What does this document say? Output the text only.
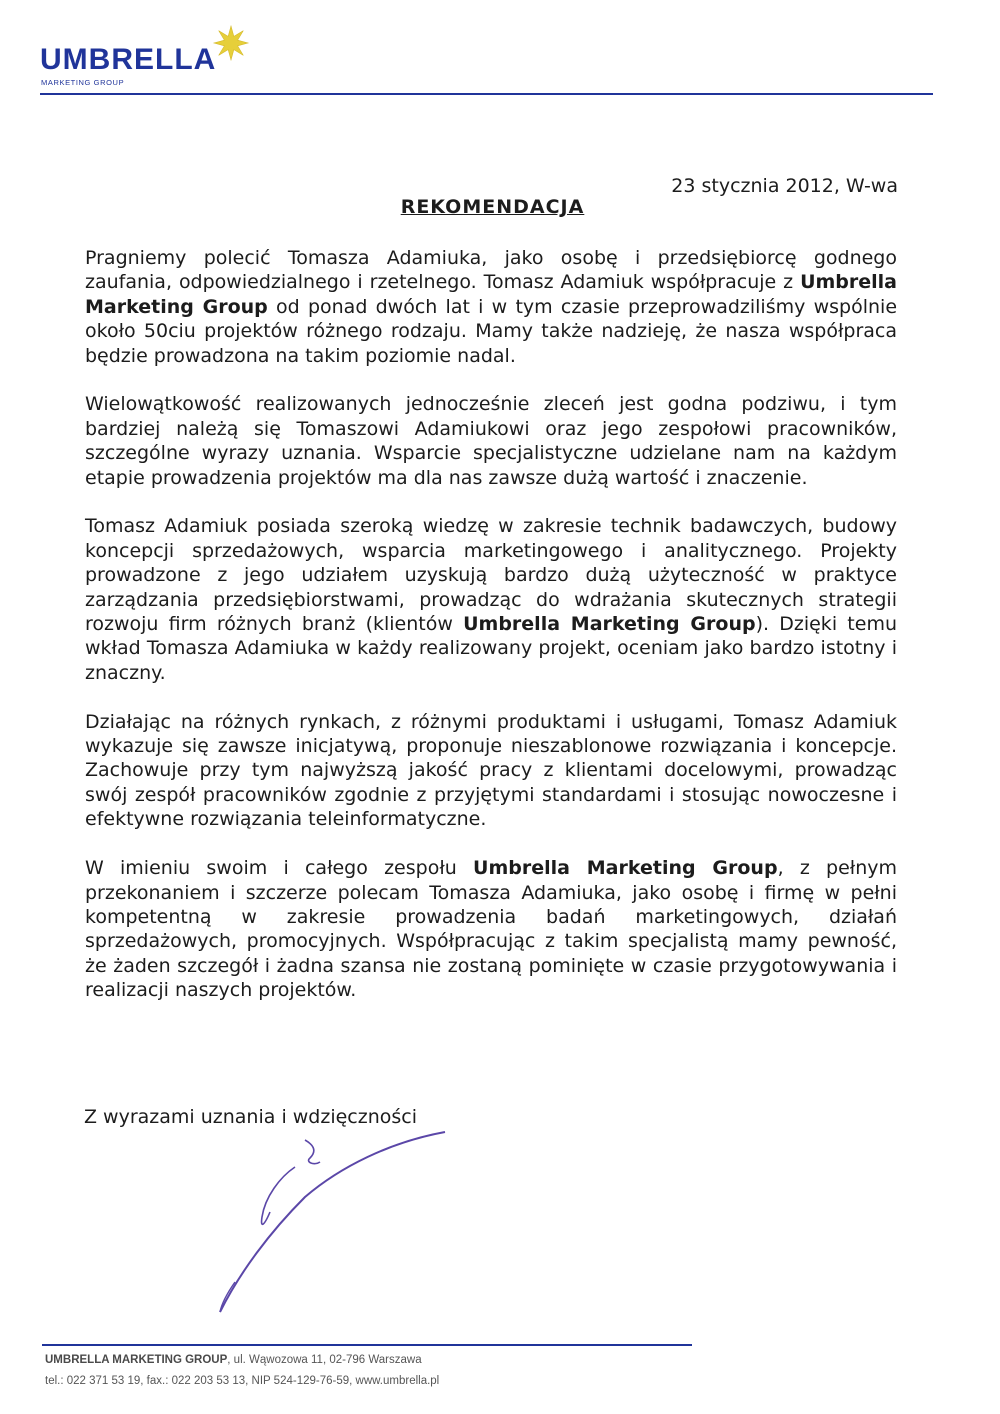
UMBRELLA
MARKETING GROUP
23 stycznia 2012, W-wa
REKOMENDACJA

Pragniemy polecić Tomasza Adamiuka, jako osobę i przedsiębiorcę godnego zaufania, odpowiedzialnego i rzetelnego. Tomasz Adamiuk współpracuje z Umbrella Marketing Group od ponad dwóch lat i w tym czasie przeprowadziliśmy wspólnie około 50ciu projektów różnego rodzaju. Mamy także nadzieję, że nasza współpraca będzie prowadzona na takim poziomie nadal.

Wielowątkowość realizowanych jednocześnie zleceń jest godna podziwu, i tym bardziej należą się Tomaszowi Adamiukowi oraz jego zespołowi pracowników, szczególne wyrazy uznania. Wsparcie specjalistyczne udzielane nam na każdym etapie prowadzenia projektów ma dla nas zawsze dużą wartość i znaczenie.

Tomasz Adamiuk posiada szeroką wiedzę w zakresie technik badawczych, budowy koncepcji sprzedażowych, wsparcia marketingowego i analitycznego. Projekty prowadzone z jego udziałem uzyskują bardzo dużą użyteczność w praktyce zarządzania przedsiębiorstwami, prowadząc do wdrażania skutecznych strategii rozwoju firm różnych branż (klientów Umbrella Marketing Group). Dzięki temu wkład Tomasza Adamiuka w każdy realizowany projekt, oceniam jako bardzo istotny i znaczny.

Działając na różnych rynkach, z różnymi produktami i usługami, Tomasz Adamiuk wykazuje się zawsze inicjatywą, proponuje nieszablonowe rozwiązania i koncepcje. Zachowuje przy tym najwyższą jakość pracy z klientami docelowymi, prowadząc swój zespół pracowników zgodnie z przyjętymi standardami i stosując nowoczesne i efektywne rozwiązania teleinformatyczne.

W imieniu swoim i całego zespołu Umbrella Marketing Group, z pełnym przekonaniem i szczerze polecam Tomasza Adamiuka, jako osobę i firmę w pełni kompetentną w zakresie prowadzenia badań marketingowych, działań sprzedażowych, promocyjnych. Współpracując z takim specjalistą mamy pewność, że żaden szczegół i żadna szansa nie zostaną pominięte w czasie przygotowywania i realizacji naszych projektów.

Z wyrazami uznania i wdzięczności
UMBRELLA MARKETING GROUP, ul. Wąwozowa 11, 02-796 Warszawa
tel.: 022 371 53 19, fax.: 022 203 53 13, NIP 524-129-76-59, www.umbrella.pl
